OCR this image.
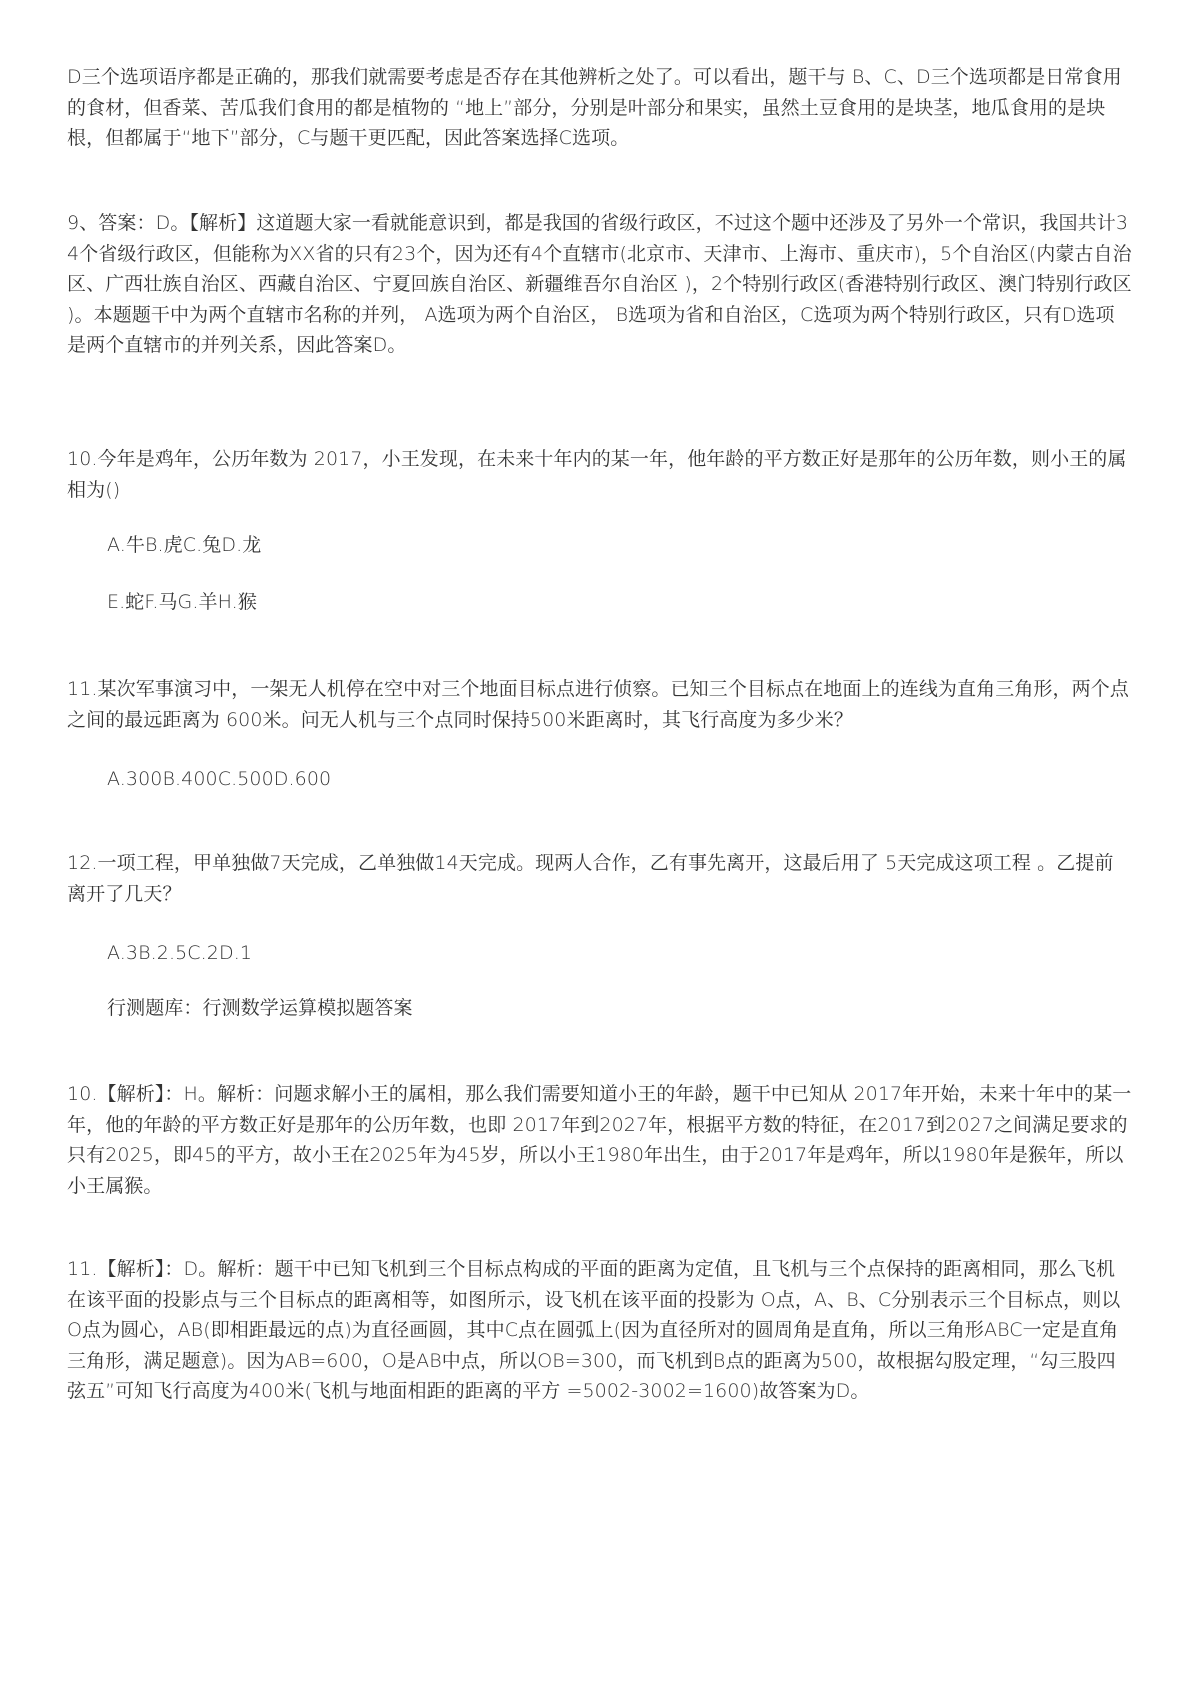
D三个选项语序都是正确的，那我们就需要考虑是否存在其他辨析之处了。可以看出，题干与 B、C、D三个选项都是日常食用的食材，但香菜、苦瓜我们食用的都是植物的 “地上”部分，分别是叶部分和果实，虽然土豆食用的是块茎，地瓜食用的是块根，但都属于“地下”部分，C与题干更匹配，因此答案选择C选项。

9、答案：D。【解析】这道题大家一看就能意识到，都是我国的省级行政区，不过这个题中还涉及了另外一个常识，我国共计34个省级行政区，但能称为XX省的只有23个，因为还有4个直辖市(北京市、天津市、上海市、重庆市)，5个自治区(内蒙古自治区、广西壮族自治区、西藏自治区、宁夏回族自治区、新疆维吾尔自治区 )，2个特别行政区(香港特别行政区、澳门特别行政区 )。本题题干中为两个直辖市名称的并列， A选项为两个自治区， B选项为省和自治区，C选项为两个特别行政区，只有D选项是两个直辖市的并列关系，因此答案D。

10.今年是鸡年，公历年数为 2017，小王发现，在未来十年内的某一年，他年龄的平方数正好是那年的公历年数，则小王的属相为()

A.牛B.虎C.兔D.龙

E.蛇F.马G.羊H.猴

11.某次军事演习中，一架无人机停在空中对三个地面目标点进行侦察。已知三个目标点在地面上的连线为直角三角形，两个点之间的最远距离为 600米。问无人机与三个点同时保持500米距离时，其飞行高度为多少米？

A.300B.400C.500D.600

12.一项工程，甲单独做7天完成，乙单独做14天完成。现两人合作，乙有事先离开，这最后用了 5天完成这项工程 。乙提前离开了几天？

A.3B.2.5C.2D.1

行测题库：行测数学运算模拟题答案

10.【解析】：H。解析：问题求解小王的属相，那么我们需要知道小王的年龄，题干中已知从 2017年开始，未来十年中的某一年，他的年龄的平方数正好是那年的公历年数，也即 2017年到2027年，根据平方数的特征，在2017到2027之间满足要求的只有2025，即45的平方，故小王在2025年为45岁，所以小王1980年出生，由于2017年是鸡年，所以1980年是猴年，所以小王属猴。

11.【解析】：D。解析：题干中已知飞机到三个目标点构成的平面的距离为定值，且飞机与三个点保持的距离相同，那么飞机在该平面的投影点与三个目标点的距离相等，如图所示，设飞机在该平面的投影为 O点，A、B、C分别表示三个目标点，则以O点为圆心，AB(即相距最远的点)为直径画圆，其中C点在圆弧上(因为直径所对的圆周角是直角，所以三角形ABC一定是直角三角形，满足题意)。因为AB=600，O是AB中点，所以OB=300，而飞机到B点的距离为500，故根据勾股定理，“勾三股四弦五”可知飞行高度为400米(飞机与地面相距的距离的平方 =5002-3002=1600)故答案为D。
